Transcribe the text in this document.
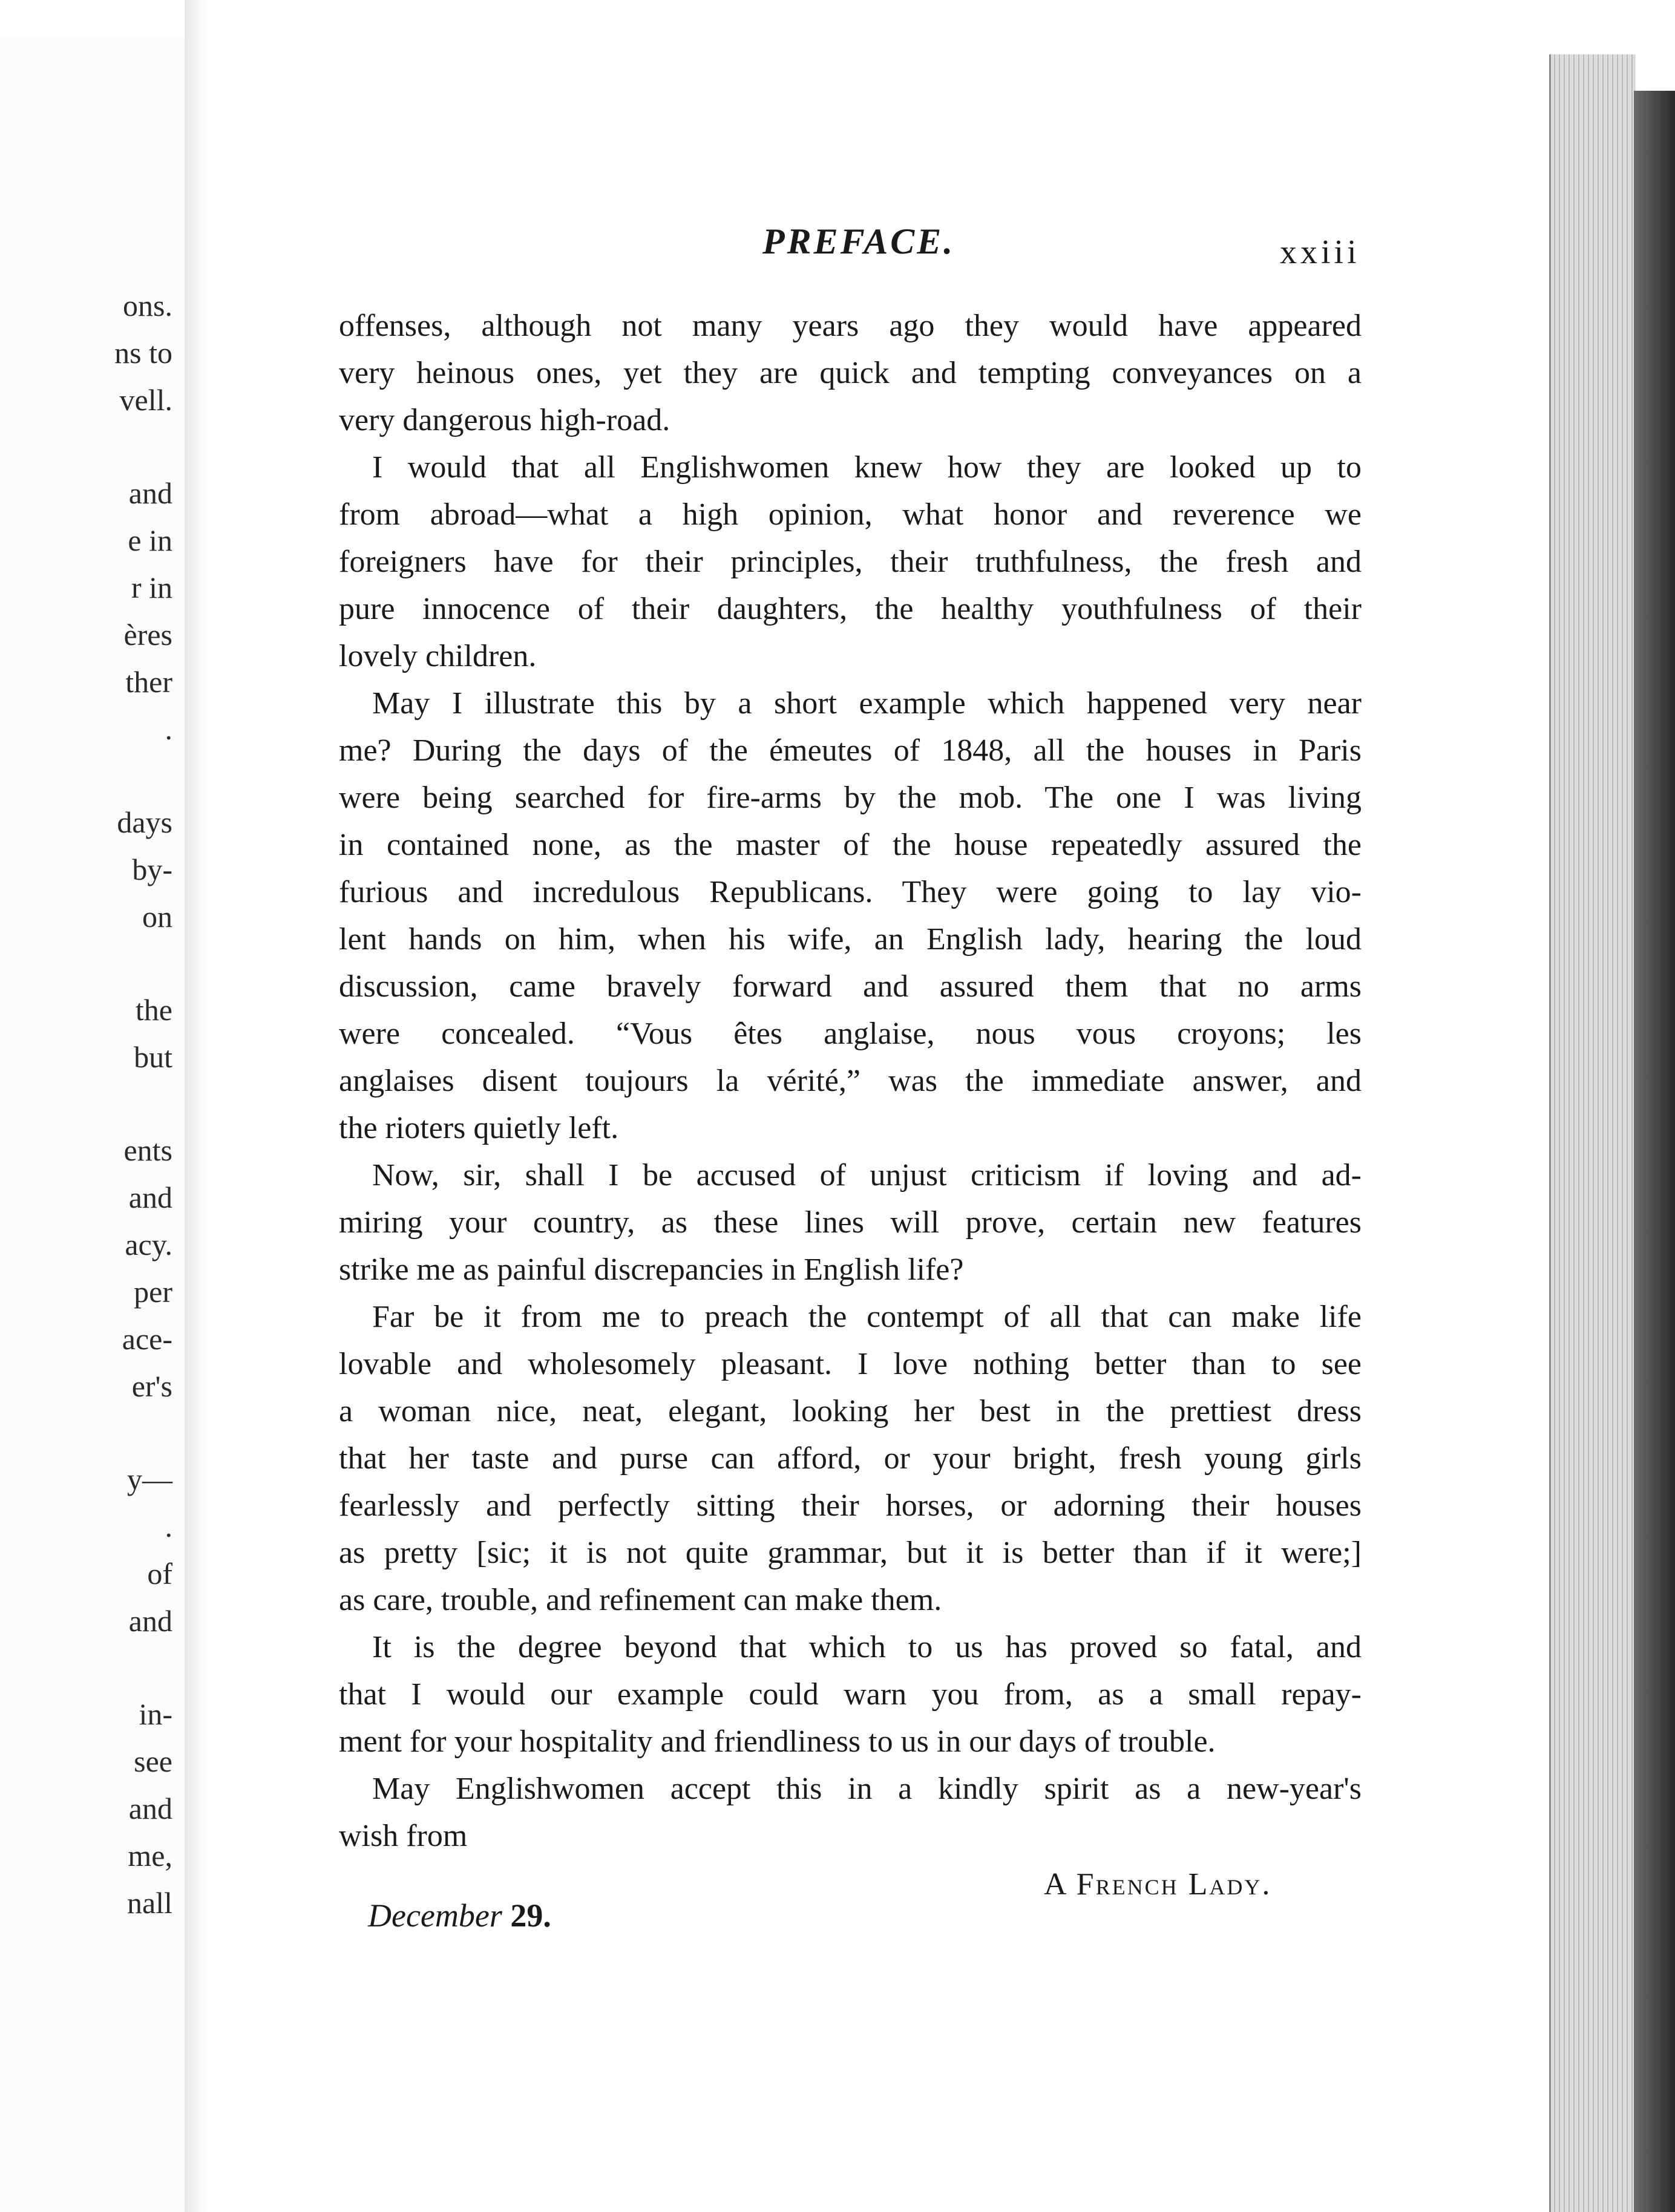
ons.
ns to
vell.
and
e in
r in
ères
ther
.
days
by-
on
the
but
ents
and
acy.
per
ace-
er's
y—
.
of
and
in-
see
and
me,
nall
PREFACE.	xxiii
offenses, although not many years ago they would have appeared
very heinous ones, yet they are quick and tempting conveyances on a
very dangerous high-road.
I would that all Englishwomen knew how they are looked up to
from abroad—what a high opinion, what honor and reverence we
foreigners have for their principles, their truthfulness, the fresh and
pure innocence of their daughters, the healthy youthfulness of their
lovely children.
May I illustrate this by a short example which happened very near
me? During the days of the émeutes of 1848, all the houses in Paris
were being searched for fire-arms by the mob. The one I was living
in contained none, as the master of the house repeatedly assured the
furious and incredulous Republicans. They were going to lay vio-
lent hands on him, when his wife, an English lady, hearing the loud
discussion, came bravely forward and assured them that no arms
were concealed. “Vous êtes anglaise, nous vous croyons; les
anglaises disent toujours la vérité,” was the immediate answer, and
the rioters quietly left.
Now, sir, shall I be accused of unjust criticism if loving and ad-
miring your country, as these lines will prove, certain new features
strike me as painful discrepancies in English life?
Far be it from me to preach the contempt of all that can make life
lovable and wholesomely pleasant. I love nothing better than to see
a woman nice, neat, elegant, looking her best in the prettiest dress
that her taste and purse can afford, or your bright, fresh young girls
fearlessly and perfectly sitting their horses, or adorning their houses
as pretty [sic; it is not quite grammar, but it is better than if it were;]
as care, trouble, and refinement can make them.
It is the degree beyond that which to us has proved so fatal, and
that I would our example could warn you from, as a small repay-
ment for your hospitality and friendliness to us in our days of trouble.
May Englishwomen accept this in a kindly spirit as a new-year's
wish from
A French Lady.
December 29.
